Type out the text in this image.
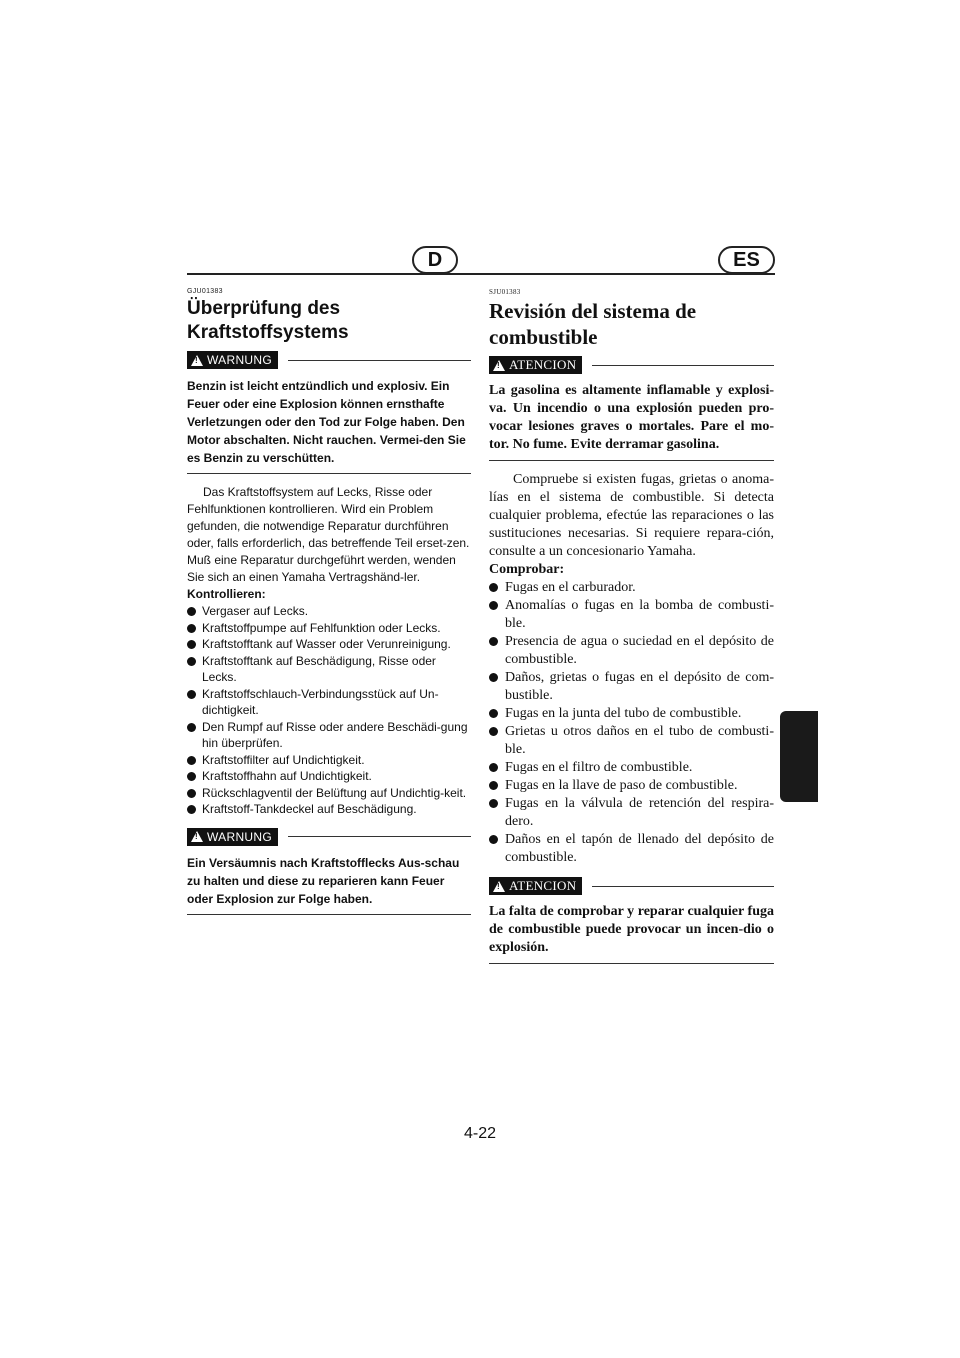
D	ES
GJU01383
Überprüfung des
Kraftstoffsystems
!
WARNUNG

Benzin ist leicht entzündlich und explosiv. Ein Feuer oder eine Explosion können ernsthafte Verletzungen oder den Tod zur Folge haben. Den Motor abschalten. Nicht rauchen. Vermei-den Sie es Benzin zu verschütten.

Das Kraftstoffsystem auf Lecks, Risse oder Fehlfunktionen kontrollieren. Wird ein Problem gefunden, die notwendige Reparatur durchführen oder, falls erforderlich, das betreffende Teil erset-zen. Muß eine Reparatur durchgeführt werden, wenden Sie sich an einen Yamaha Vertragshänd-ler.

Kontrollieren:

Vergaser auf Lecks.
Kraftstoffpumpe auf Fehlfunktion oder Lecks.
Kraftstofftank auf Wasser oder Verunreinigung.
Kraftstofftank auf Beschädigung, Risse oder Lecks.
Kraftstoffschlauch-Verbindungsstück auf Un-dichtigkeit.
Den Rumpf auf Risse oder andere Beschädi-gung hin überprüfen.
Kraftstoffilter auf Undichtigkeit.
Kraftstoffhahn auf Undichtigkeit.
Rückschlagventil der Belüftung auf Undichtig-keit.
Kraftstoff-Tankdeckel auf Beschädigung.
!
WARNUNG

Ein Versäumnis nach Kraftstofflecks Aus-schau zu halten und diese zu reparieren kann Feuer oder Explosion zur Folge haben.

SJU01383
Revisión del sistema de
combustible
!
ATENCION

La gasolina es altamente inflamable y explosi-va. Un incendio o una explosión pueden pro-vocar lesiones graves o mortales. Pare el mo-tor. No fume. Evite derramar gasolina.

Compruebe si existen fugas, grietas o anoma-lías en el sistema de combustible. Si detecta cualquier problema, efectúe las reparaciones o las sustituciones necesarias. Si requiere repara-ción, consulte a un concesionario Yamaha.

Comprobar:

Fugas en el carburador.
Anomalías o fugas en la bomba de combusti-ble.
Presencia de agua o suciedad en el depósito de combustible.
Daños, grietas o fugas en el depósito de com-bustible.
Fugas en la junta del tubo de combustible.
Grietas u otros daños en el tubo de combusti-ble.
Fugas en el filtro de combustible.
Fugas en la llave de paso de combustible.
Fugas en la válvula de retención del respira-dero.
Daños en el tapón de llenado del depósito de combustible.
!
ATENCION

La falta de comprobar y reparar cualquier fuga de combustible puede provocar un incen-dio o explosión.

4-22
